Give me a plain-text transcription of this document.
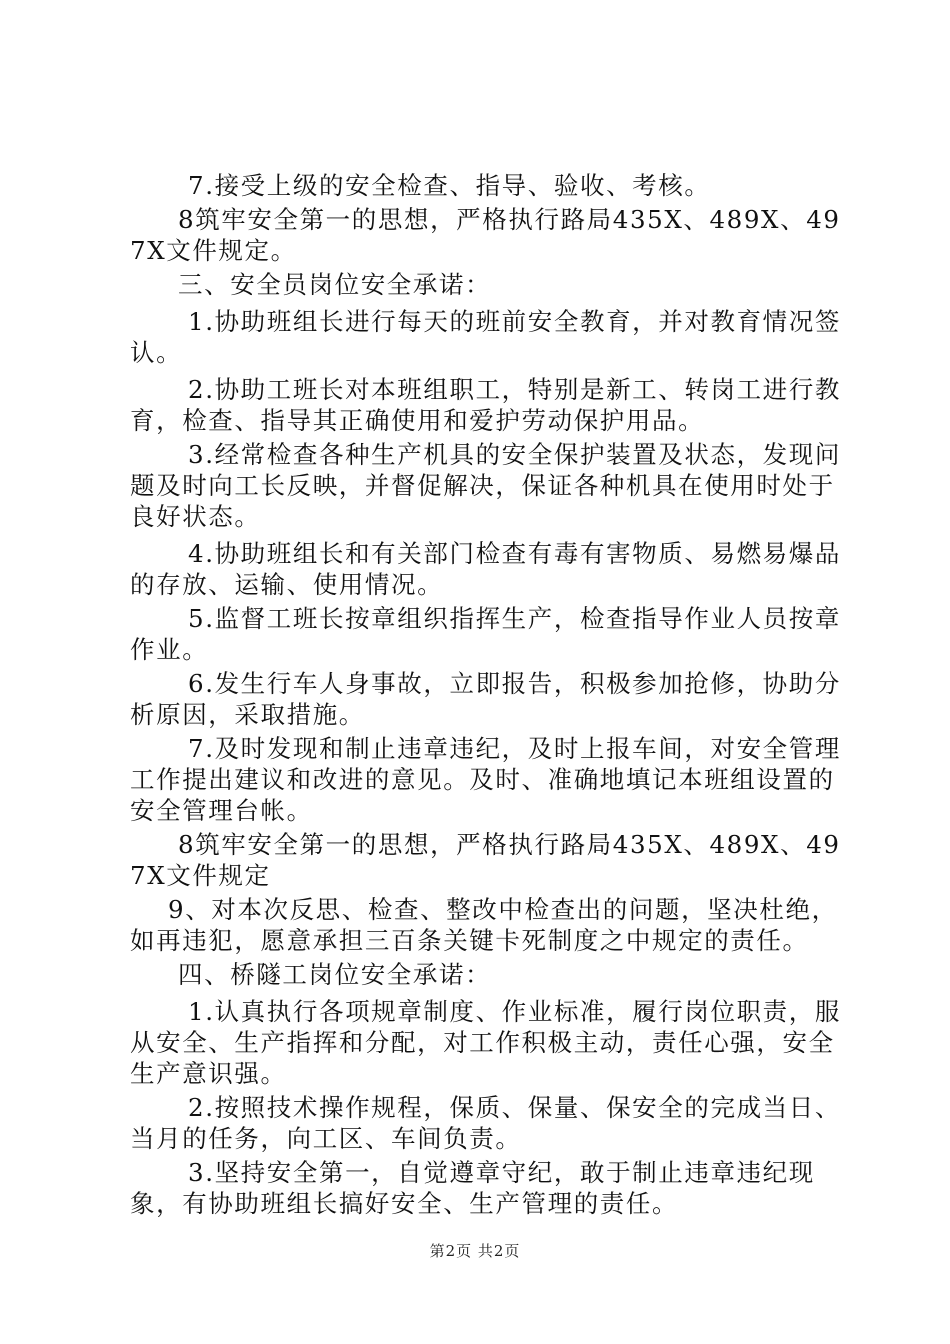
7.接受上级的安全检查、指导、验收、考核。

8筑牢安全第一的思想，严格执行路局435X、489X、497X文件规定。

三、安全员岗位安全承诺：

1.协助班组长进行每天的班前安全教育，并对教育情况签认。

2.协助工班长对本班组职工，特别是新工、转岗工进行教育，检查、指导其正确使用和爱护劳动保护用品。

3.经常检查各种生产机具的安全保护装置及状态，发现问题及时向工长反映，并督促解决，保证各种机具在使用时处于良好状态。

4.协助班组长和有关部门检查有毒有害物质、易燃易爆品的存放、运输、使用情况。

5.监督工班长按章组织指挥生产，检查指导作业人员按章作业。

6.发生行车人身事故，立即报告，积极参加抢修，协助分析原因，采取措施。

7.及时发现和制止违章违纪，及时上报车间，对安全管理工作提出建议和改进的意见。及时、准确地填记本班组设置的安全管理台帐。

8筑牢安全第一的思想，严格执行路局435X、489X、497X文件规定

9、对本次反思、检查、整改中检查出的问题，坚决杜绝，如再违犯，愿意承担三百条关键卡死制度之中规定的责任。

四、桥隧工岗位安全承诺：

1.认真执行各项规章制度、作业标准，履行岗位职责，服从安全、生产指挥和分配，对工作积极主动，责任心强，安全生产意识强。

2.按照技术操作规程，保质、保量、保安全的完成当日、当月的任务，向工区、车间负责。

3.坚持安全第一，自觉遵章守纪，敢于制止违章违纪现象，有协助班组长搞好安全、生产管理的责任。

第2页 共2页
